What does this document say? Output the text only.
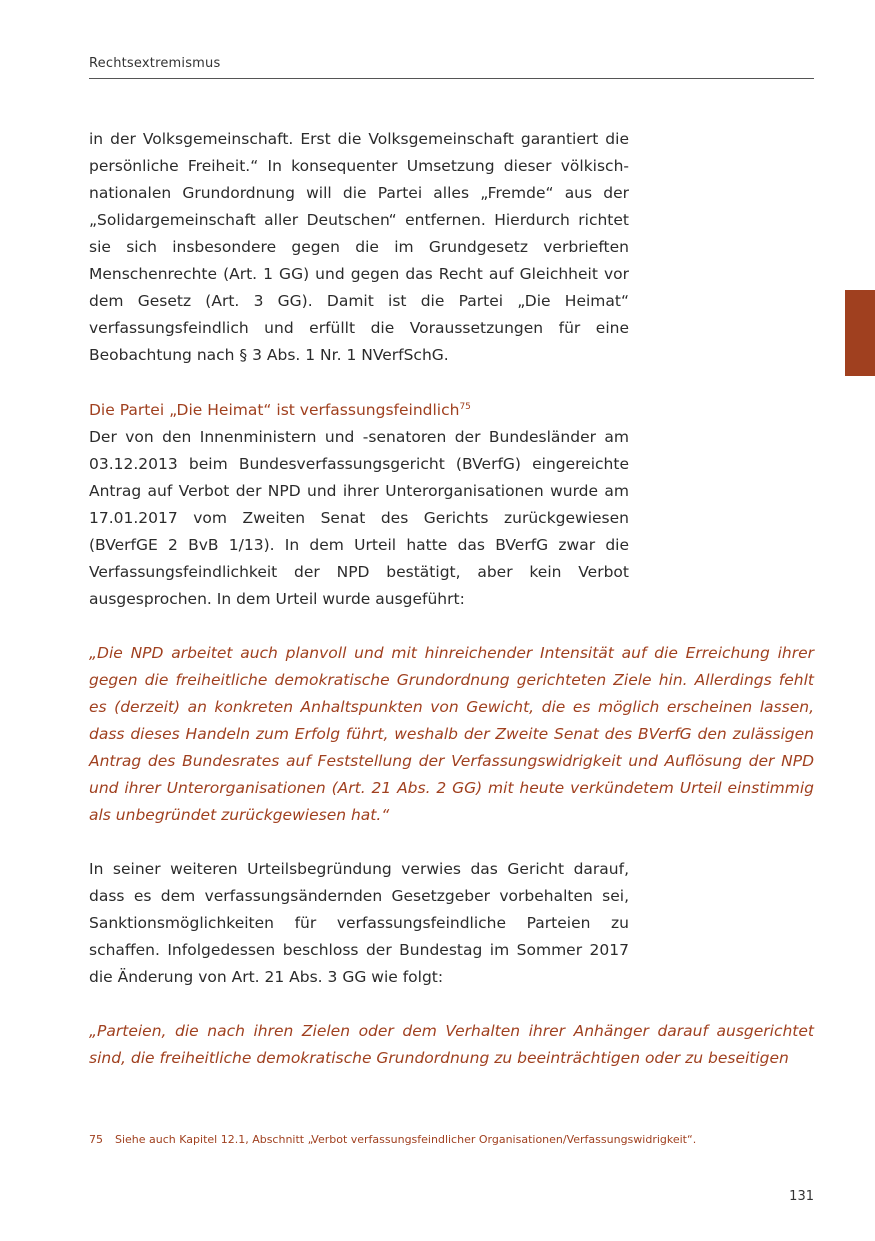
Rechtsextremismus

in der Volksgemeinschaft. Erst die Volksgemeinschaft garantiert die persönliche Freiheit.“ In konsequenter Umsetzung dieser völkisch-nationalen Grundordnung will die Partei alles „Fremde“ aus der „Solidargemeinschaft aller Deutschen“ entfernen. Hierdurch richtet sie sich insbesondere gegen die im Grundgesetz verbrieften Menschenrechte (Art. 1 GG) und gegen das Recht auf Gleichheit vor dem Gesetz (Art. 3 GG). Damit ist die Partei „Die Heimat“ verfassungsfeindlich und erfüllt die Voraussetzungen für eine Beobachtung nach § 3 Abs. 1 Nr. 1 NVerfSchG.

Die Partei „Die Heimat“ ist verfassungsfeindlich$^{75}$

Der von den Innenministern und -senatoren der Bundesländer am 03.12.2013 beim Bundesverfassungsgericht (BVerfG) eingereichte Antrag auf Verbot der NPD und ihrer Unterorganisationen wurde am 17.01.2017 vom Zweiten Senat des Gerichts zurückgewiesen (BVerfGE 2 BvB 1/13). In dem Urteil hatte das BVerfG zwar die Verfassungsfeindlichkeit der NPD bestätigt, aber kein Verbot ausgesprochen. In dem Urteil wurde ausgeführt:

„Die NPD arbeitet auch planvoll und mit hinreichender Intensität auf die Erreichung ihrer gegen die freiheitliche demokratische Grundordnung gerichteten Ziele hin. Allerdings fehlt es (derzeit) an konkreten Anhaltspunkten von Gewicht, die es möglich erscheinen lassen, dass dieses Handeln zum Erfolg führt, weshalb der Zweite Senat des BVerfG den zulässigen Antrag des Bundesrates auf Feststellung der Verfassungswidrigkeit und Auflösung der NPD und ihrer Unterorganisationen (Art. 21 Abs. 2 GG) mit heute verkündetem Urteil einstimmig als unbegründet zurückgewiesen hat.“

In seiner weiteren Urteilsbegründung verwies das Gericht darauf, dass es dem verfassungsändernden Gesetzgeber vorbehalten sei, Sanktionsmöglichkeiten für verfassungsfeindliche Parteien zu schaffen. Infolgedessen beschloss der Bundestag im Sommer 2017 die Änderung von Art. 21 Abs. 3 GG wie folgt:

„Parteien, die nach ihren Zielen oder dem Verhalten ihrer Anhänger darauf ausgerichtet sind, die freiheitliche demokratische Grundordnung zu beeinträchtigen oder zu beseitigen

75 Siehe auch Kapitel 12.1, Abschnitt „Verbot verfassungsfeindlicher Organisationen/Verfassungswidrigkeit“.
131
